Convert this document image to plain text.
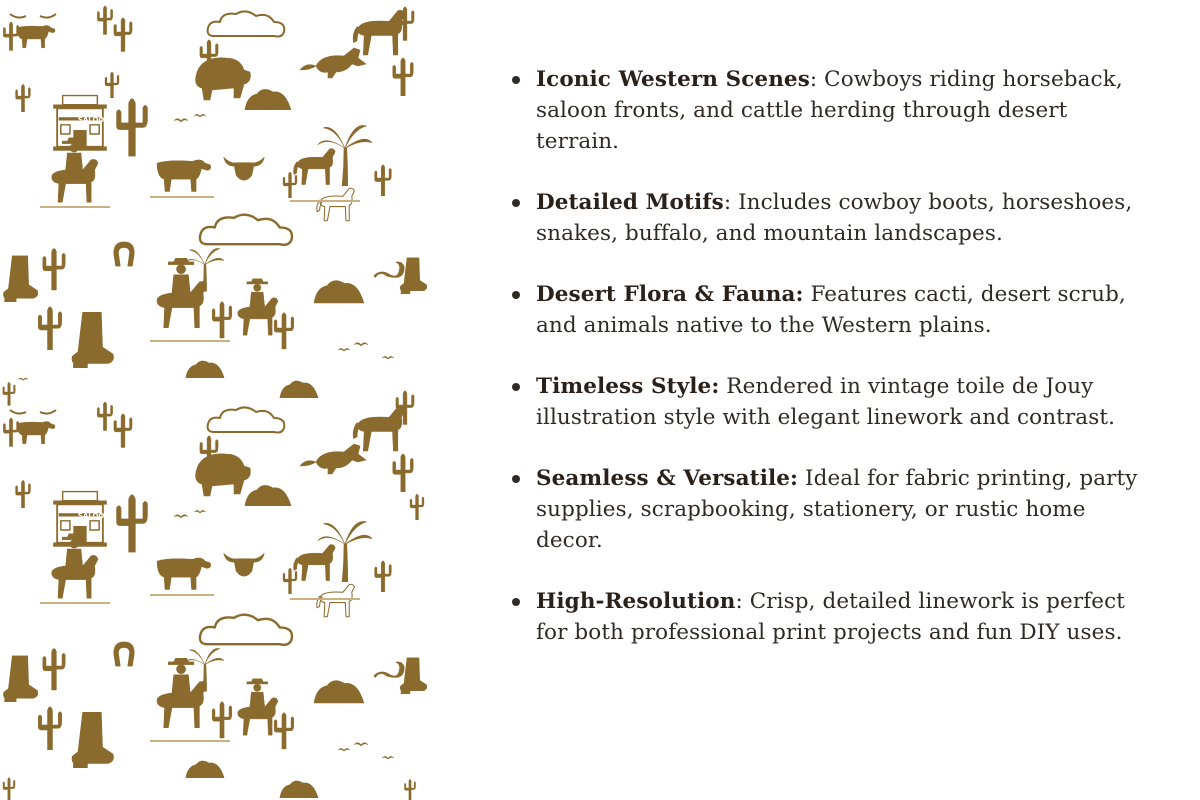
SALOON
SALOON
Iconic Western Scenes: Cowboys riding horseback, saloon fronts, and cattle herding through desert terrain.
Detailed Motifs: Includes cowboy boots, horseshoes, snakes, buffalo, and mountain landscapes.
Desert Flora & Fauna: Features cacti, desert scrub, and animals native to the Western plains.
Timeless Style: Rendered in vintage toile de Jouy illustration style with elegant linework and contrast.
Seamless & Versatile: Ideal for fabric printing, party supplies, scrapbooking, stationery, or rustic home decor.
High-Resolution: Crisp, detailed linework is perfect for both professional print projects and fun DIY uses.
